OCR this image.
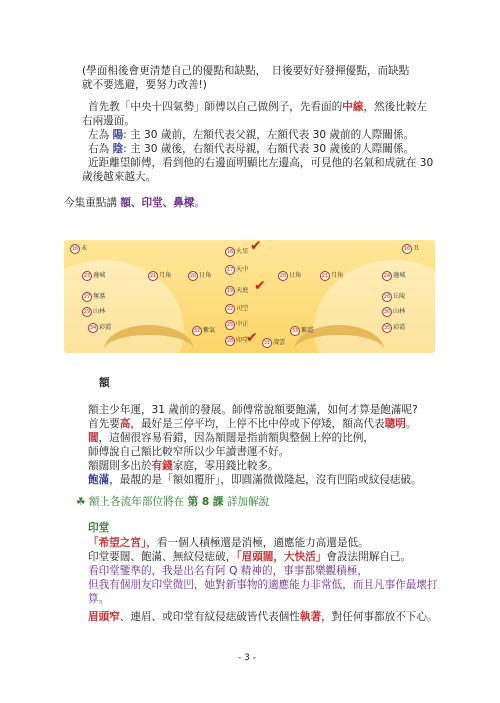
(學面相後會更清楚自己的優點和缺點，　日後要好好發揮優點，而缺點
就不要逃避，要努力改善!)
首先教「中央十四氣勢」師傅以自己做例子，先看面的中線，然後比較左
右兩邊面。
左為 陽: 主 30 歲前，左額代表父親，左額代表 30 歲前的人際關係。
右為 陰: 主 30 歲後，右額代表母親，右額代表 30 歲後的人際關係。
近距離望師傅，看到他的右邊面明顯比左邊高，可見他的名氣和成就在 30
歲後越來越大。
今集重點講 額、印堂、鼻樑。
16 未	16 丑
16 火星 ✔
17 天中
19 天庭 ✔
22 司空
25 中正
28 印堂
✔
21 月角	20 日角	20 日角	21 月角
23 邊城	24 邊城
27 塚墓	26 丘陵
29 山林	30 山林
34 彩霞	35 彩霞
32 紫氣	33 繁霞
31 凌雲
額
額主少年運，31 歲前的發展。師傅常說額要飽滿，如何才算是飽滿呢?
首先要高，最好是三停平均，上停不比中停或下停矮，額高代表聰明。
闊，這個很容易看錯，因為額闊是指前額與整個上停的比例，
師傅說自己額比較窄所以少年讀書運不好。
額闊則多出於有錢家庭，零用錢比較多。
飽滿，最靚的是「額如覆肝」，即圓滿微微隆起，沒有凹陷或紋侵痣破。
☘ 額上各流年部位將在 第 8 課 詳加解說
印堂
「希望之宮」，看一個人積極還是消極，適應能力高還是低。
印堂要闊、飽滿、無紋侵痣破，「眉頭闊，大快活」會設法開解自己。
看印堂鑒準的，我是出名有阿 Q 精神的，事事都樂觀積極，
但我有個朋友印堂微凹，她對新事物的適應能力非常低，而且凡事作最壞打
算。
眉頭窄、連眉、或印堂有紋侵痣破皆代表個性執著，對任何事都放不下心。
- 3 -
